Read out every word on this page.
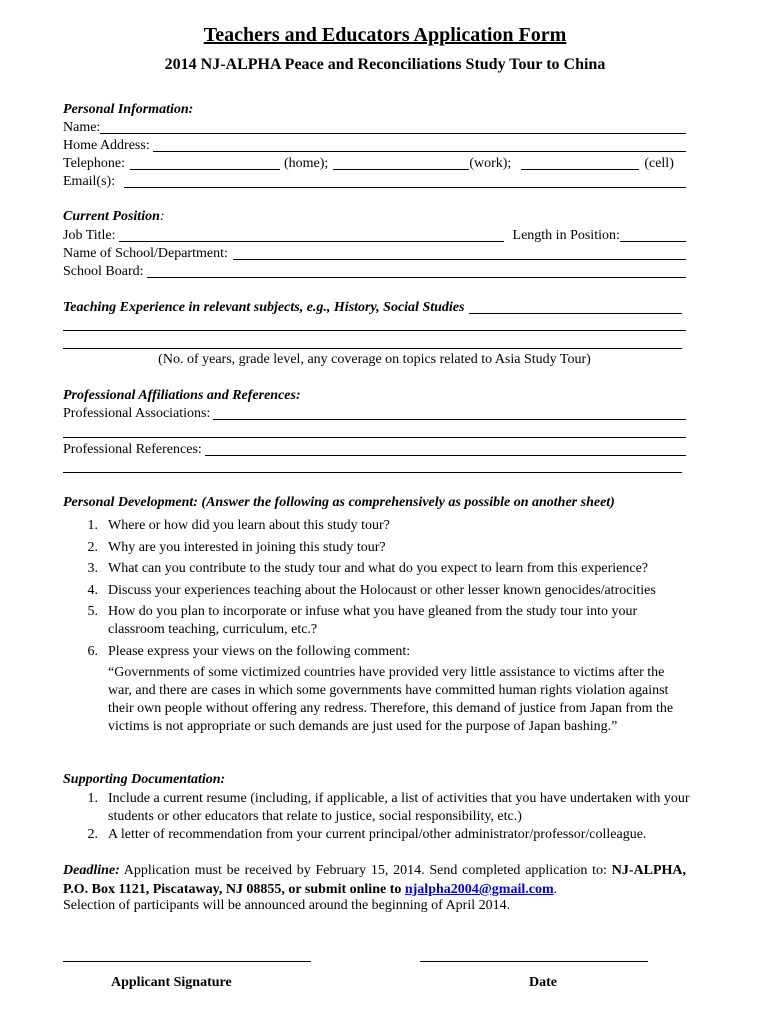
Teachers and Educators Application Form
2014 NJ-ALPHA Peace and Reconciliations Study Tour to China
Personal Information:
Name:
Home Address:
Telephone:	(home);	(work);	(cell)
Email(s):
Current Position:
Job Title:	Length in Position:
Name of School/Department:
School Board:
Teaching Experience in relevant subjects, e.g., History, Social Studies
(No. of years, grade level, any coverage on topics related to Asia Study Tour)
Professional Affiliations and References:
Professional Associations:
Professional References:
Personal Development: (Answer the following as comprehensively as possible on another sheet)
1. Where or how did you learn about this study tour?
2. Why are you interested in joining this study tour?
3. What can you contribute to the study tour and what do you expect to learn from this experience?
4. Discuss your experiences teaching about the Holocaust or other lesser known genocides/atrocities
5. How do you plan to incorporate or infuse what you have gleaned from the study tour into your classroom teaching, curriculum, etc.?
6. Please express your views on the following comment:
“Governments of some victimized countries have provided very little assistance to victims after the war, and there are cases in which some governments have committed human rights violation against their own people without offering any redress. Therefore, this demand of justice from Japan from the victims is not appropriate or such demands are just used for the purpose of Japan bashing.”
Supporting Documentation:
1. Include a current resume (including, if applicable, a list of activities that you have undertaken with your students or other educators that relate to justice, social responsibility, etc.)
2. A letter of recommendation from your current principal/other administrator/professor/colleague.
Deadline: Application must be received by February 15, 2014. Send completed application to: NJ-ALPHA, P.O. Box 1121, Piscataway, NJ 08855, or submit online to njalpha2004@gmail.com.
Selection of participants will be announced around the beginning of April 2014.
Applicant Signature	Date
